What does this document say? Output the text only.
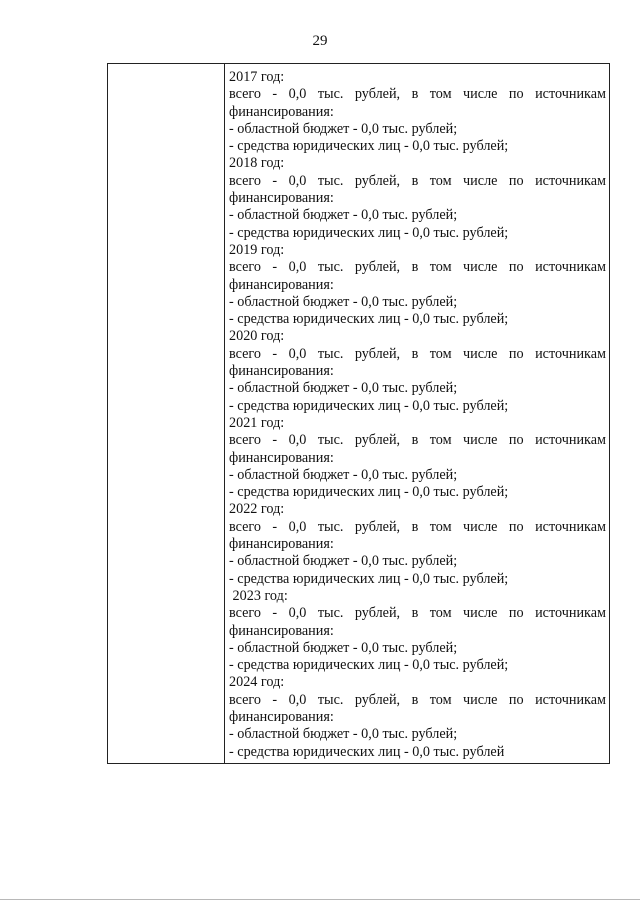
29
2017 год:
всего - 0,0 тыс. рублей, в том числе по источникам
финансирования:
- областной бюджет - 0,0 тыс. рублей;
- средства юридических лиц - 0,0 тыс. рублей;
2018 год:
всего - 0,0 тыс. рублей, в том числе по источникам
финансирования:
- областной бюджет - 0,0 тыс. рублей;
- средства юридических лиц - 0,0 тыс. рублей;
2019 год:
всего - 0,0 тыс. рублей, в том числе по источникам
финансирования:
- областной бюджет - 0,0 тыс. рублей;
- средства юридических лиц - 0,0 тыс. рублей;
2020 год:
всего - 0,0 тыс. рублей, в том числе по источникам
финансирования:
- областной бюджет - 0,0 тыс. рублей;
- средства юридических лиц - 0,0 тыс. рублей;
2021 год:
всего - 0,0 тыс. рублей, в том числе по источникам
финансирования:
- областной бюджет - 0,0 тыс. рублей;
- средства юридических лиц - 0,0 тыс. рублей;
2022 год:
всего - 0,0 тыс. рублей, в том числе по источникам
финансирования:
- областной бюджет - 0,0 тыс. рублей;
- средства юридических лиц - 0,0 тыс. рублей;
2023 год:
всего - 0,0 тыс. рублей, в том числе по источникам
финансирования:
- областной бюджет - 0,0 тыс. рублей;
- средства юридических лиц - 0,0 тыс. рублей;
2024 год:
всего - 0,0 тыс. рублей, в том числе по источникам
финансирования:
- областной бюджет - 0,0 тыс. рублей;
- средства юридических лиц - 0,0 тыс. рублей
